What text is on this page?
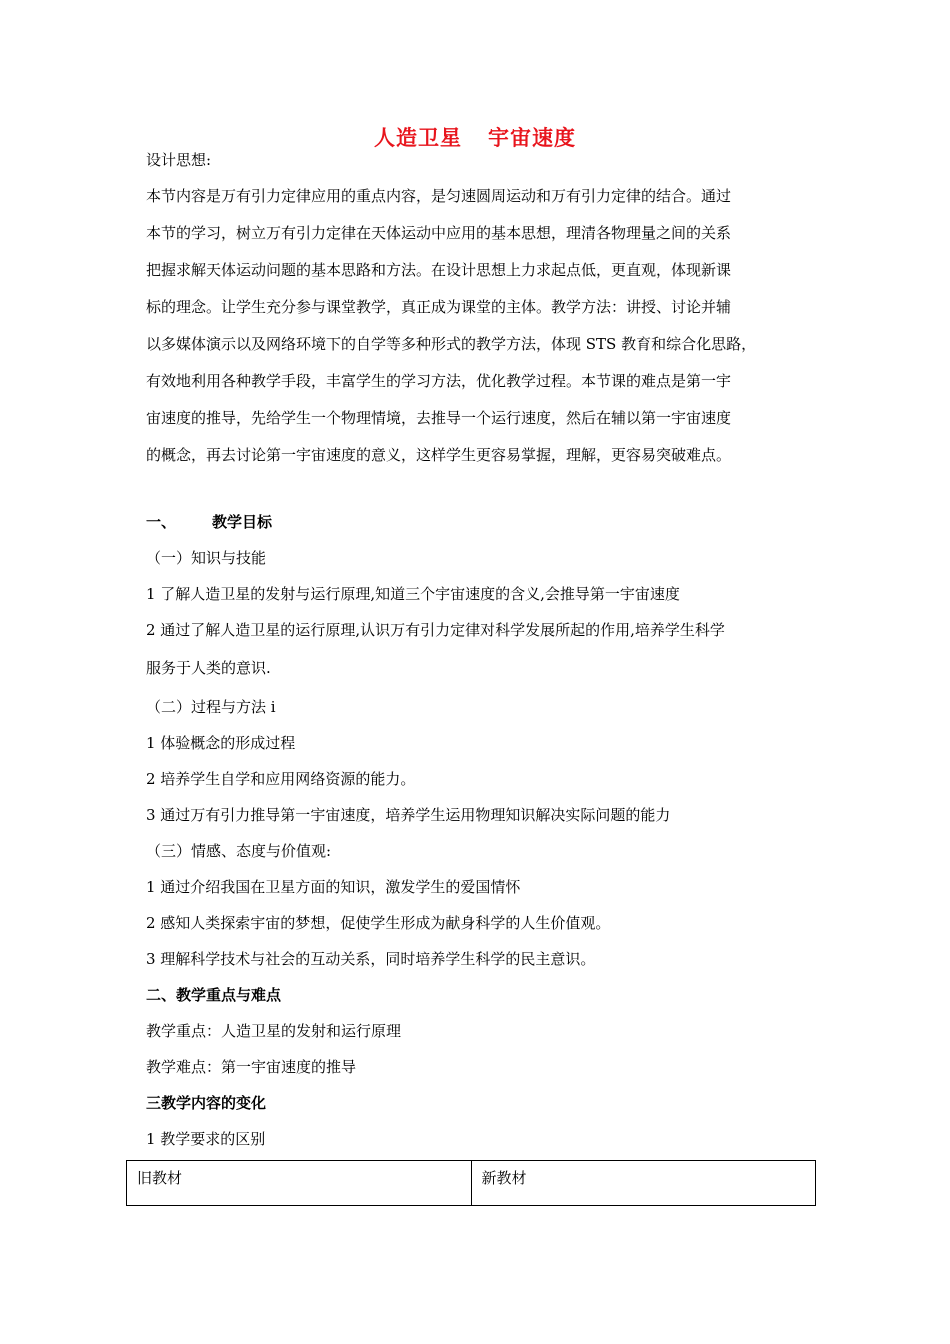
人造卫星 宇宙速度
设计思想:
本节内容是万有引力定律应用的重点内容，是匀速圆周运动和万有引力定律的结合。通过
本节的学习，树立万有引力定律在天体运动中应用的基本思想，理清各物理量之间的关系
把握求解天体运动问题的基本思路和方法。在设计思想上力求起点低，更直观，体现新课
标的理念。让学生充分参与课堂教学，真正成为课堂的主体。教学方法：讲授、讨论并辅
以多媒体演示以及网络环境下的自学等多种形式的教学方法，体现 STS 教育和综合化思路，
有效地利用各种教学手段，丰富学生的学习方法，优化教学过程。本节课的难点是第一宇
宙速度的推导，先给学生一个物理情境，去推导一个运行速度，然后在辅以第一宇宙速度
的概念，再去讨论第一宇宙速度的意义，这样学生更容易掌握，理解，更容易突破难点。
一、 教学目标
（一）知识与技能
1 了解人造卫星的发射与运行原理,知道三个宇宙速度的含义,会推导第一宇宙速度
2 通过了解人造卫星的运行原理,认识万有引力定律对科学发展所起的作用,培养学生科学
服务于人类的意识.
（二）过程与方法 i
1 体验概念的形成过程
2 培养学生自学和应用网络资源的能力。
3 通过万有引力推导第一宇宙速度，培养学生运用物理知识解决实际问题的能力
（三）情感、态度与价值观:
1 通过介绍我国在卫星方面的知识，激发学生的爱国情怀
2 感知人类探索宇宙的梦想，促使学生形成为献身科学的人生价值观。
3 理解科学技术与社会的互动关系，同时培养学生科学的民主意识。
二、教学重点与难点
教学重点：人造卫星的发射和运行原理
教学难点：第一宇宙速度的推导
三教学内容的变化
1 教学要求的区别
旧教材	新教材
